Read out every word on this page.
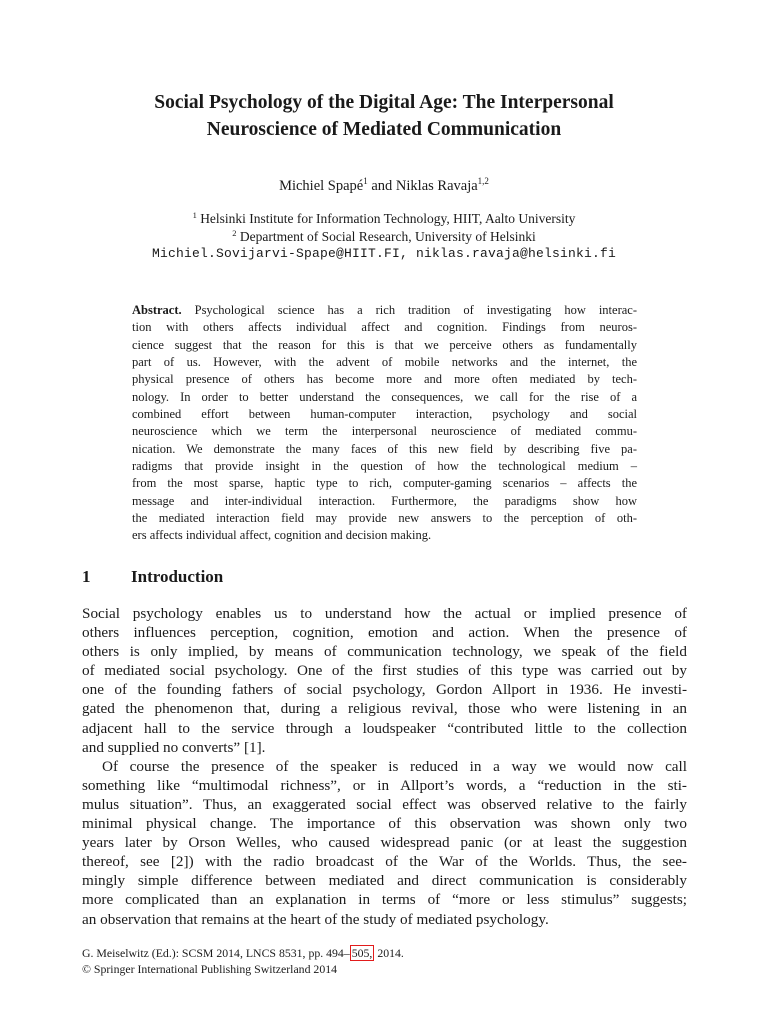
Social Psychology of the Digital Age: The Interpersonal
Neuroscience of Mediated Communication
Michiel Spapé$^1$ and Niklas Ravaja$^{1,2}$
$^1$ Helsinki Institute for Information Technology, HIIT, Aalto University
$^2$ Department of Social Research, University of Helsinki
Michiel.Sovijarvi-Spape@HIIT.FI, niklas.ravaja@helsinki.fi
Abstract. Psychological science has a rich tradition of investigating how interac-
tion with others affects individual affect and cognition. Findings from neuros-
cience suggest that the reason for this is that we perceive others as fundamentally
part of us. However, with the advent of mobile networks and the internet, the
physical presence of others has become more and more often mediated by tech-
nology. In order to better understand the consequences, we call for the rise of a
combined effort between human-computer interaction, psychology and social
neuroscience which we term the interpersonal neuroscience of mediated commu-
nication. We demonstrate the many faces of this new field by describing five pa-
radigms that provide insight in the question of how the technological medium –
from the most sparse, haptic type to rich, computer-gaming scenarios – affects the
message and inter-individual interaction. Furthermore, the paradigms show how
the mediated interaction field may provide new answers to the perception of oth-
ers affects individual affect, cognition and decision making.
1 Introduction
Social psychology enables us to understand how the actual or implied presence of
others influences perception, cognition, emotion and action. When the presence of
others is only implied, by means of communication technology, we speak of the field
of mediated social psychology. One of the first studies of this type was carried out by
one of the founding fathers of social psychology, Gordon Allport in 1936. He investi-
gated the phenomenon that, during a religious revival, those who were listening in an
adjacent hall to the service through a loudspeaker “contributed little to the collection
and supplied no converts” [1].
Of course the presence of the speaker is reduced in a way we would now call
something like “multimodal richness”, or in Allport’s words, a “reduction in the sti-
mulus situation”. Thus, an exaggerated social effect was observed relative to the fairly
minimal physical change. The importance of this observation was shown only two
years later by Orson Welles, who caused widespread panic (or at least the suggestion
thereof, see [2]) with the radio broadcast of the War of the Worlds. Thus, the see-
mingly simple difference between mediated and direct communication is considerably
more complicated than an explanation in terms of “more or less stimulus” suggests;
an observation that remains at the heart of the study of mediated psychology.
G. Meiselwitz (Ed.): SCSM 2014, LNCS 8531, pp. 494– 505, 2014.
© Springer International Publishing Switzerland 2014
